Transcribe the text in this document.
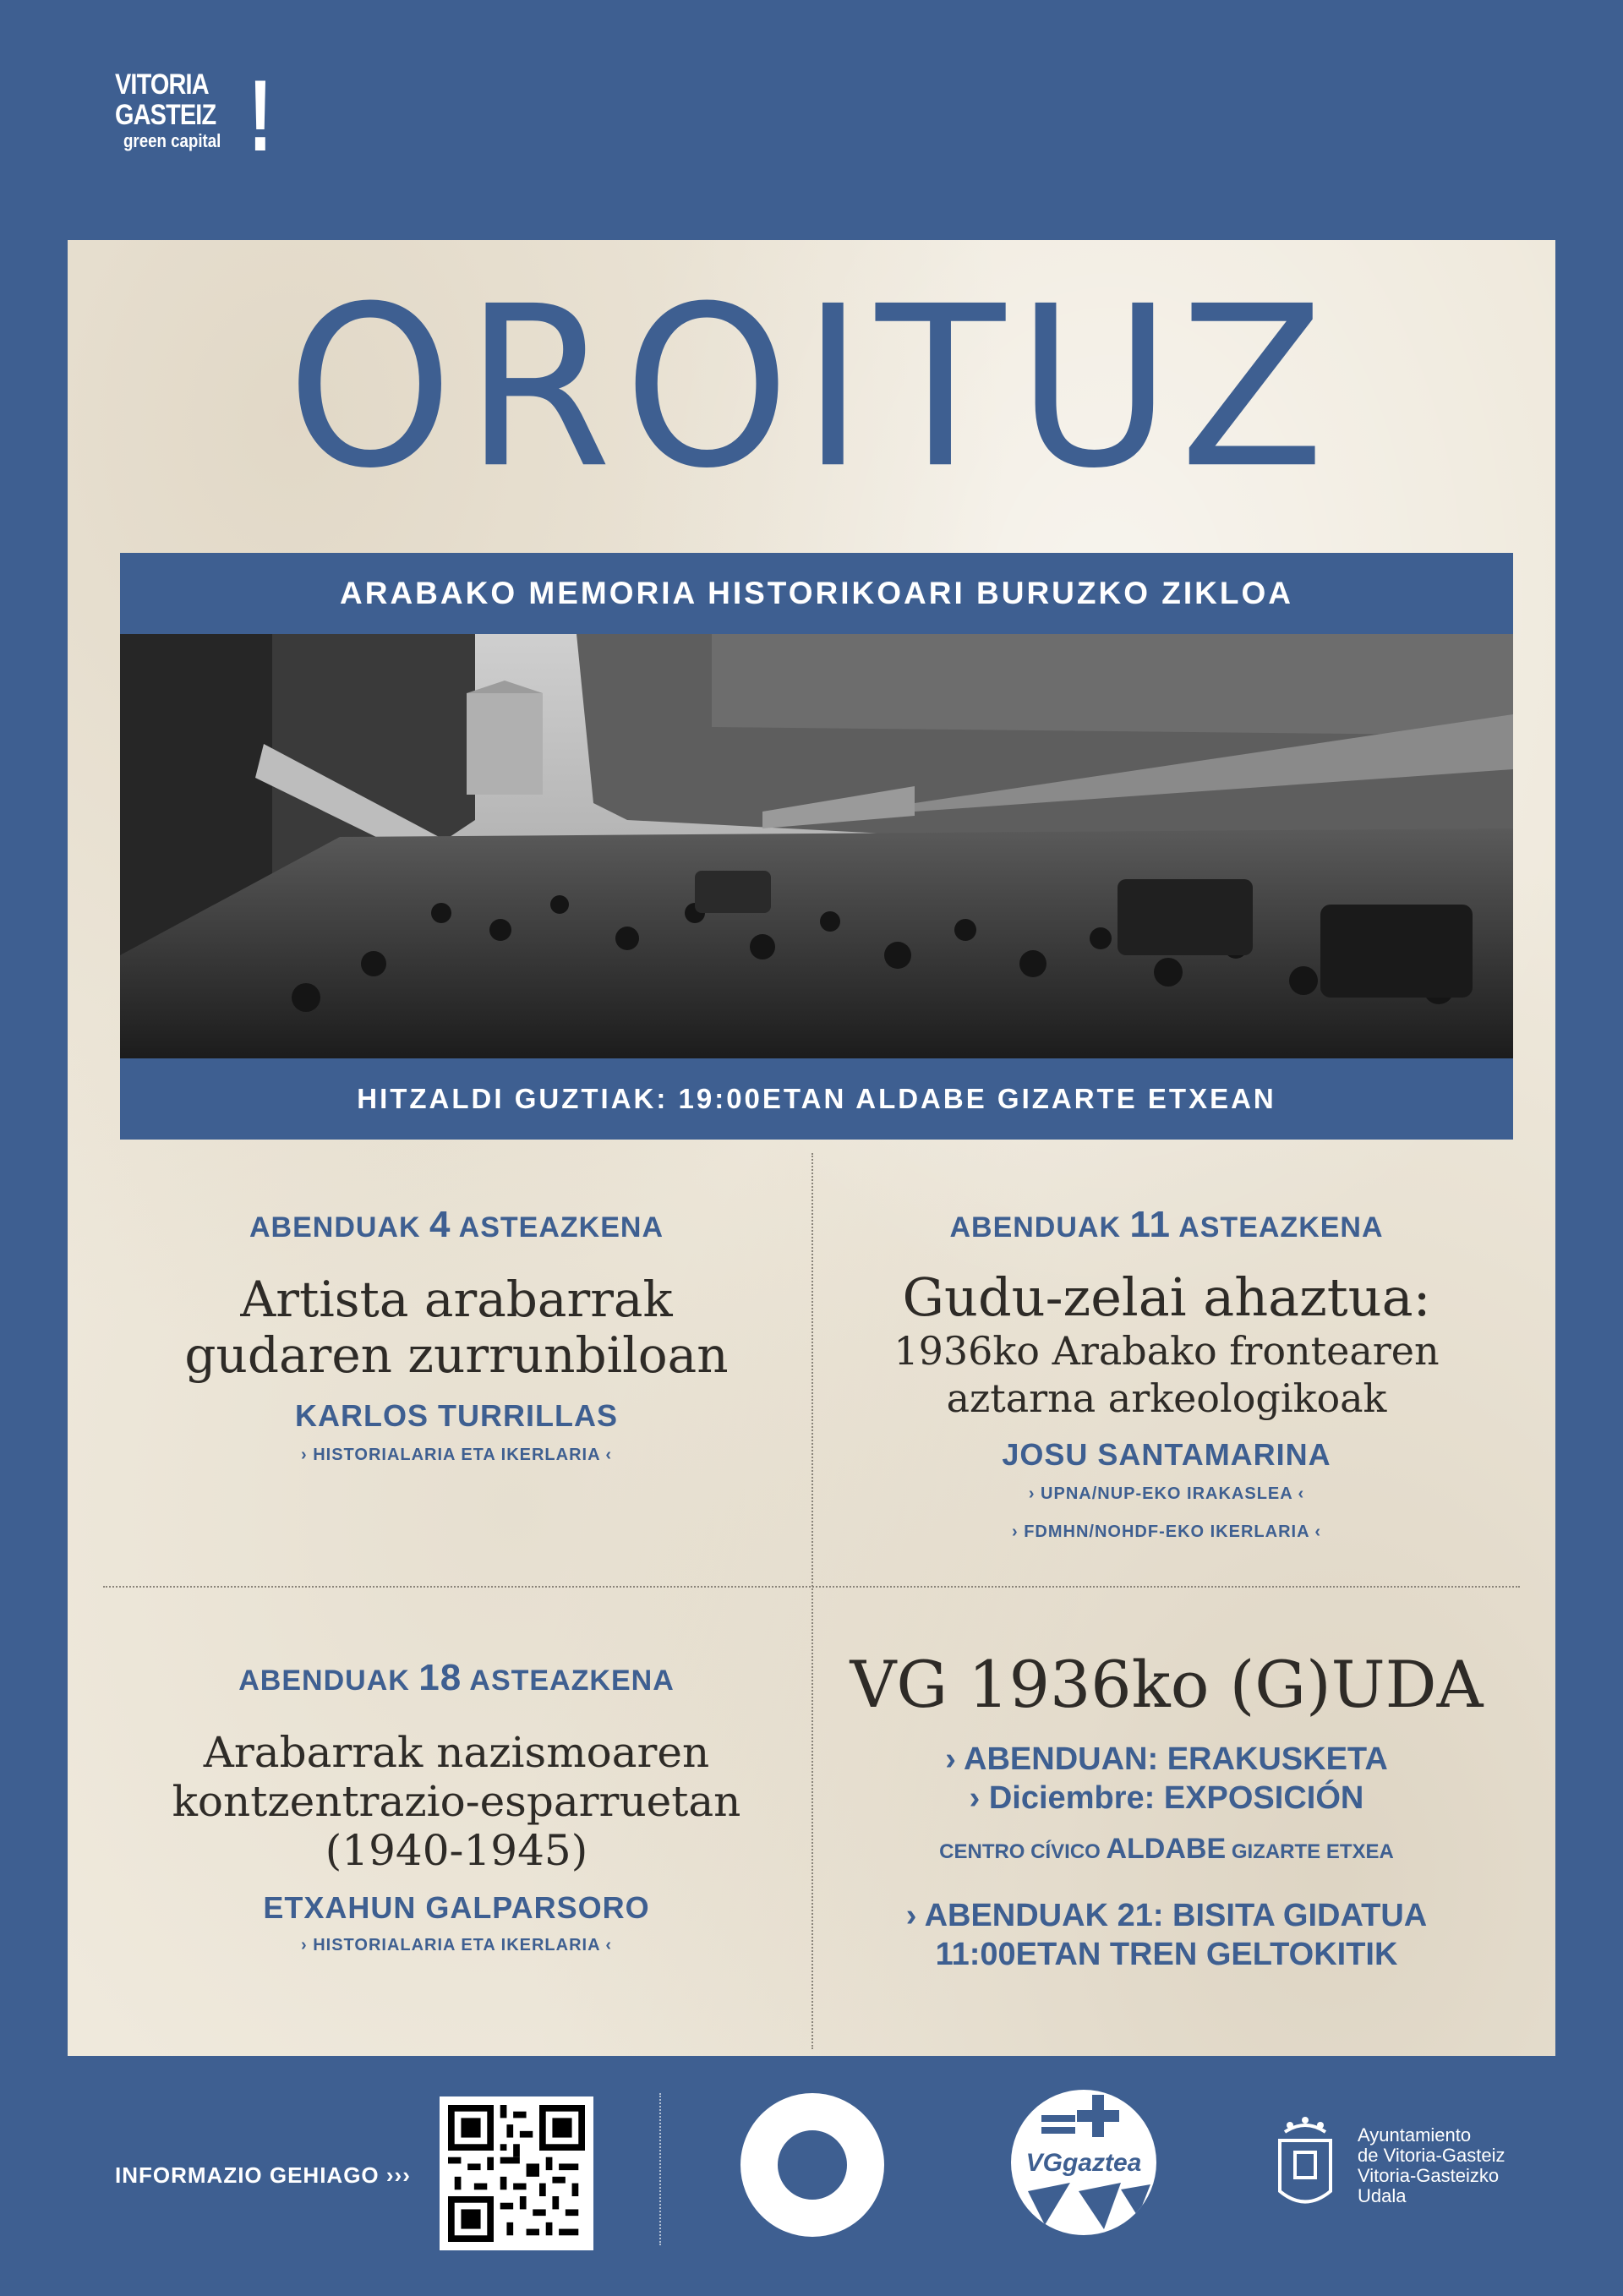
VITORIA
GASTEIZ
green capital !
OROITUZ
ARABAKO MEMORIA HISTORIKOARI BURUZKO ZIKLOA
HITZALDI GUZTIAK: 19:00ETAN ALDABE GIZARTE ETXEAN
ABENDUAK 4 ASTEAZKENA
Artista arabarrak
gudaren zurrunbiloan
KARLOS TURRILLAS
› HISTORIALARIA ETA IKERLARIA ‹
ABENDUAK 11 ASTEAZKENA
Gudu-zelai ahaztua:
1936ko Arabako frontearen
aztarna arkeologikoak
JOSU SANTAMARINA
› UPNA/NUP-EKO IRAKASLEA ‹
› FDMHN/NOHDF-EKO IKERLARIA ‹
ABENDUAK 18 ASTEAZKENA
Arabarrak nazismoaren
kontzentrazio-esparruetan
(1940-1945)
ETXAHUN GALPARSORO
› HISTORIALARIA ETA IKERLARIA ‹
VG 1936ko (G)UDA
› ABENDUAN: ERAKUSKETA
› Diciembre: EXPOSICIÓN
CENTRO CÍVICO ALDABE GIZARTE ETXEA
› ABENDUAK 21: BISITA GIDATUA
11:00ETAN TREN GELTOKITIK
INFORMAZIO GEHIAGO ›››	VGgaztea
Ayuntamiento
de Vitoria-Gasteiz
Vitoria-Gasteizko
Udala
